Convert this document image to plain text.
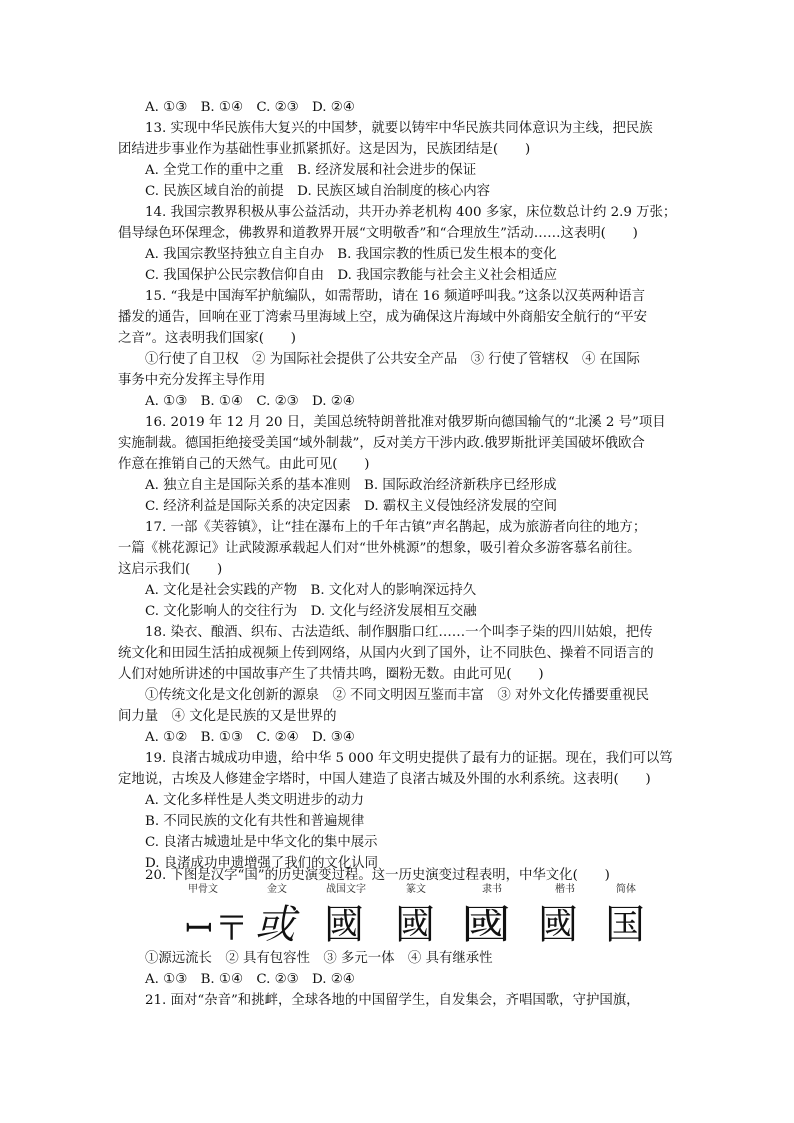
A. ①③　B. ①④　C. ②③　D. ②④
13. 实现中华民族伟大复兴的中国梦，就要以铸牢中华民族共同体意识为主线，把民族
团结进步事业作为基础性事业抓紧抓好。这是因为，民族团结是(　　)
A. 全党工作的重中之重　B. 经济发展和社会进步的保证
C. 民族区域自治的前提　D. 民族区域自治制度的核心内容
14. 我国宗教界积极从事公益活动，共开办养老机构 400 多家，床位数总计约 2.9 万张；
倡导绿色环保理念，佛教界和道教界开展“文明敬香”和“合理放生”活动……这表明(　　)
A. 我国宗教坚持独立自主自办　B. 我国宗教的性质已发生根本的变化
C. 我国保护公民宗教信仰自由　D. 我国宗教能与社会主义社会相适应
15. “我是中国海军护航编队，如需帮助，请在 16 频道呼叫我。”这条以汉英两种语言
播发的通告，回响在亚丁湾索马里海域上空，成为确保这片海域中外商船安全航行的“平安
之音”。这表明我们国家(　　)
①行使了自卫权　② 为国际社会提供了公共安全产品　③ 行使了管辖权　④ 在国际
事务中充分发挥主导作用
A. ①③　B. ①④　C. ②③　D. ②④
16. 2019 年 12 月 20 日，美国总统特朗普批准对俄罗斯向德国输气的“北溪 2 号”项目
实施制裁。德国拒绝接受美国“域外制裁”，反对美方干涉内政.俄罗斯批评美国破坏俄欧合
作意在推销自己的天然气。由此可见(　　)
A. 独立自主是国际关系的基本准则　B. 国际政治经济新秩序已经形成
C. 经济利益是国际关系的决定因素　D. 霸权主义侵蚀经济发展的空间
17. 一部《芙蓉镇》，让“挂在瀑布上的千年古镇”声名鹊起，成为旅游者向往的地方；
一篇《桃花源记》让武陵源承载起人们对“世外桃源”的想象，吸引着众多游客慕名前往。
这启示我们(　　)
A. 文化是社会实践的产物　B. 文化对人的影响深远持久
C. 文化影响人的交往行为　D. 文化与经济发展相互交融
18. 染衣、酿酒、织布、古法造纸、制作胭脂口红……一个叫李子柒的四川姑娘，把传
统文化和田园生活拍成视频上传到网络，从国内火到了国外，让不同肤色、操着不同语言的
人们对她所讲述的中国故事产生了共情共鸣，圈粉无数。由此可见(　　)
①传统文化是文化创新的源泉　② 不同文明因互鉴而丰富　③ 对外文化传播要重视民
间力量　④ 文化是民族的又是世界的
A. ①②　B. ①③　C. ②④　D. ③④
19. 良渚古城成功申遗，给中华 5 000 年文明史提供了最有力的证据。现在，我们可以笃
定地说，古埃及人修建金字塔时，中国人建造了良渚古城及外围的水利系统。这表明(　　)
A. 文化多样性是人类文明进步的动力
B. 不同民族的文化有共性和普遍规律
C. 良渚古城遗址是中华文化的集中展示
D. 良渚成功申遗增强了我们的文化认同
20. 下图是汉字“国”的历史演变过程。这一历史演变过程表明，中华文化(　　)
甲骨文	金文	战国文字	篆文	隶书	楷书	简体
ꟷ〒 或 國 國 國 國 国
①源远流长　② 具有包容性　③ 多元一体　④ 具有继承性
A. ①③　B. ①④　C. ②③　D. ②④
21. 面对“杂音”和挑衅，全球各地的中国留学生，自发集会，齐唱国歌，守护国旗，
